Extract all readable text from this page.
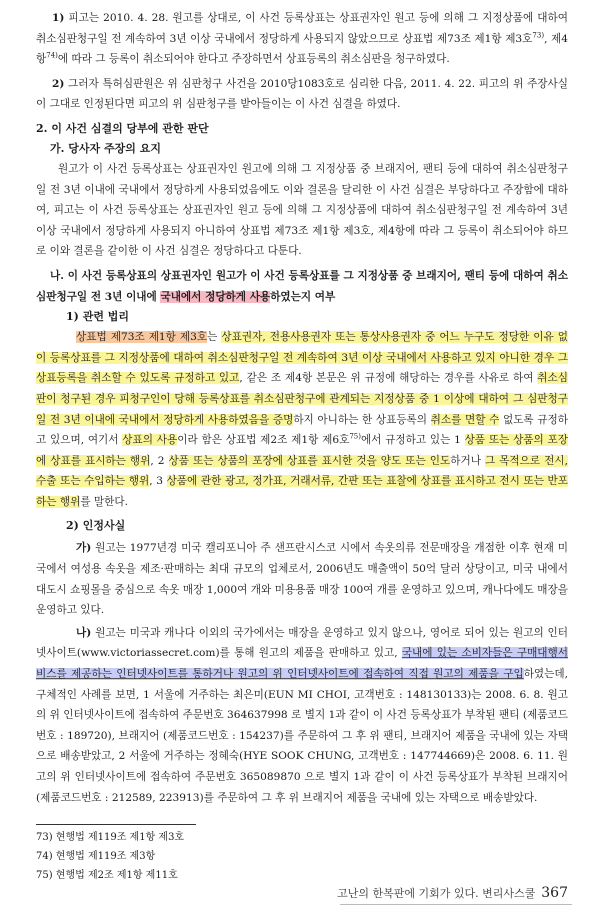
1) 피고는 2010. 4. 28. 원고를 상대로, 이 사건 등록상표는 상표권자인 원고 등에 의해 그 지정상품에 대하여 취소심판청구일 전 계속하여 3년 이상 국내에서 정당하게 사용되지 않았으므로 상표법 제73조 제1항 제3호$^{73)}$, 제4항$^{74)}$에 따라 그 등록이 취소되어야 한다고 주장하면서 상표등록의 취소심판을 청구하였다.

2) 그러자 특허심판원은 위 심판청구 사건을 2010당1083호로 심리한 다음, 2011. 4. 22. 피고의 위 주장사실이 그대로 인정된다면 피고의 위 심판청구를 받아들이는 이 사건 심결을 하였다.

2. 이 사건 심결의 당부에 관한 판단
가. 당사자 주장의 요지

원고가 이 사건 등록상표는 상표권자인 원고에 의해 그 지정상품 중 브래지어, 팬티 등에 대하여 취소심판청구일 전 3년 이내에 국내에서 정당하게 사용되었음에도 이와 결론을 달리한 이 사건 심결은 부당하다고 주장함에 대하여, 피고는 이 사건 등록상표는 상표권자인 원고 등에 의해 그 지정상품에 대하여 취소심판청구일 전 계속하여 3년 이상 국내에서 정당하게 사용되지 아니하여 상표법 제73조 제1항 제3호, 제4항에 따라 그 등록이 취소되어야 하므로 이와 결론을 같이한 이 사건 심결은 정당하다고 다툰다.

나. 이 사건 등록상표의 상표권자인 원고가 이 사건 등록상표를 그 지정상품 중 브래지어, 팬티 등에 대하여 취소심판청구일 전 3년 이내에 국내에서 정당하게 사용하였는지 여부

1) 관련 법리

상표법 제73조 제1항 제3호는 상표권자, 전용사용권자 또는 통상사용권자 중 어느 누구도 정당한 이유 없이 등록상표를 그 지정상품에 대하여 취소심판청구일 전 계속하여 3년 이상 국내에서 사용하고 있지 아니한 경우 그 상표등록을 취소할 수 있도록 규정하고 있고, 같은 조 제4항 본문은 위 규정에 해당하는 경우를 사유로 하여 취소심판이 청구된 경우 피청구인이 당해 등록상표를 취소심판청구에 관계되는 지정상품 중 1 이상에 대하여 그 심판청구일 전 3년 이내에 국내에서 정당하게 사용하였음을 증명하지 아니하는 한 상표등록의 취소를 면할 수 없도록 규정하고 있으며, 여기서 상표의 사용이라 함은 상표법 제2조 제1항 제6호$^{75)}$에서 규정하고 있는 1 상품 또는 상품의 포장에 상표를 표시하는 행위, 2 상품 또는 상품의 포장에 상표를 표시한 것을 양도 또는 인도하거나 그 목적으로 전시, 수출 또는 수입하는 행위, 3 상품에 관한 광고, 정가표, 거래서류, 간판 또는 표찰에 상표를 표시하고 전시 또는 반포하는 행위를 말한다.

2) 인정사실

가) 원고는 1977년경 미국 캘리포니아 주 샌프란시스코 시에서 속옷의류 전문매장을 개점한 이후 현재 미국에서 여성용 속옷을 제조·판매하는 최대 규모의 업체로서, 2006년도 매출액이 50억 달러 상당이고, 미국 내에서 대도시 쇼핑몰을 중심으로 속옷 매장 1,000여 개와 미용용품 매장 100여 개를 운영하고 있으며, 캐나다에도 매장을 운영하고 있다.

나) 원고는 미국과 캐나다 이외의 국가에서는 매장을 운영하고 있지 않으나, 영어로 되어 있는 원고의 인터넷사이트(www.victoriassecret.com)를 통해 원고의 제품을 판매하고 있고, 국내에 있는 소비자들은 구매대행서비스를 제공하는 인터넷사이트를 통하거나 원고의 위 인터넷사이트에 접속하여 직접 원고의 제품을 구입하였는데, 구체적인 사례를 보면, 1 서울에 거주하는 최은미(EUN MI CHOI, 고객번호 : 148130133)는 2008. 6. 8. 원고의 위 인터넷사이트에 접속하여 주문번호 364637998 로 별지 1과 같이 이 사건 등록상표가 부착된 팬티 (제품코드번호 : 189720), 브래지어 (제품코드번호 : 154237)를 주문하여 그 후 위 팬티, 브래지어 제품을 국내에 있는 자택으로 배송받았고, 2 서울에 거주하는 정혜숙(HYE SOOK CHUNG, 고객번호 : 147744669)은 2008. 6. 11. 원고의 위 인터넷사이트에 접속하여 주문번호 365089870 으로 별지 1과 같이 이 사건 등록상표가 부착된 브래지어 (제품코드번호 : 212589, 223913)를 주문하여 그 후 위 브래지어 제품을 국내에 있는 자택으로 배송받았다.

73) 현행법 제119조 제1항 제3호
74) 현행법 제119조 제3항
75) 현행법 제2조 제1항 제11호
고난의 한복판에 기회가 있다. 변리사스쿨 367
